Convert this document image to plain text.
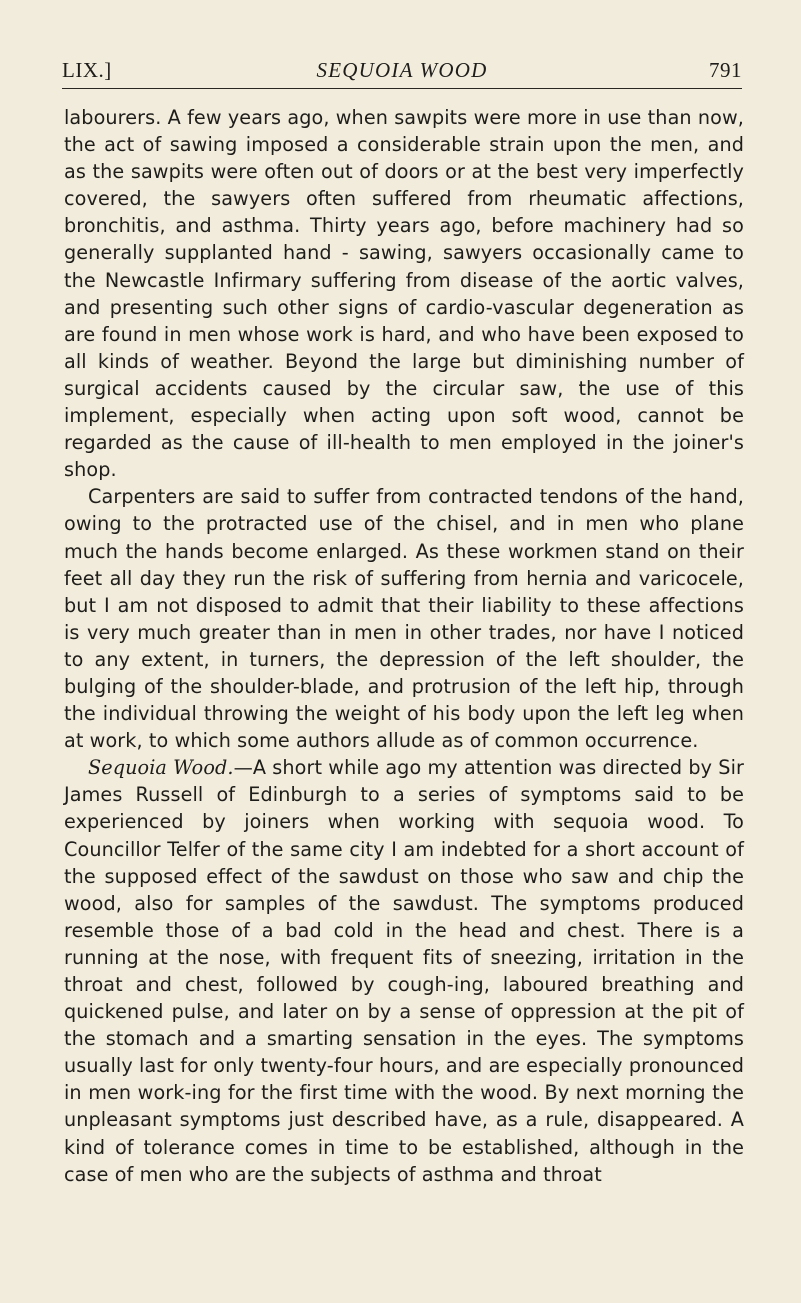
LIX.]	SEQUOIA WOOD	791

labourers. A few years ago, when sawpits were more in use than now, the act of sawing imposed a considerable strain upon the men, and as the sawpits were often out of doors or at the best very imperfectly covered, the sawyers often suffered from rheumatic affections, bronchitis, and asthma. Thirty years ago, before machinery had so generally supplanted hand - sawing, sawyers occasionally came to the Newcastle Infirmary suffering from disease of the aortic valves, and presenting such other signs of cardio-vascular degeneration as are found in men whose work is hard, and who have been exposed to all kinds of weather. Beyond the large but diminishing number of surgical accidents caused by the circular saw, the use of this implement, especially when acting upon soft wood, cannot be regarded as the cause of ill-health to men employed in the joiner's shop.

Carpenters are said to suffer from contracted tendons of the hand, owing to the protracted use of the chisel, and in men who plane much the hands become enlarged. As these workmen stand on their feet all day they run the risk of suffering from hernia and varicocele, but I am not disposed to admit that their liability to these affections is very much greater than in men in other trades, nor have I noticed to any extent, in turners, the depression of the left shoulder, the bulging of the shoulder-blade, and protrusion of the left hip, through the individual throwing the weight of his body upon the left leg when at work, to which some authors allude as of common occurrence.

Sequoia Wood.—A short while ago my attention was directed by Sir James Russell of Edinburgh to a series of symptoms said to be experienced by joiners when working with sequoia wood. To Councillor Telfer of the same city I am indebted for a short account of the supposed effect of the sawdust on those who saw and chip the wood, also for samples of the sawdust. The symptoms produced resemble those of a bad cold in the head and chest. There is a running at the nose, with frequent fits of sneezing, irritation in the throat and chest, followed by cough-ing, laboured breathing and quickened pulse, and later on by a sense of oppression at the pit of the stomach and a smarting sensation in the eyes. The symptoms usually last for only twenty-four hours, and are especially pronounced in men work-ing for the first time with the wood. By next morning the unpleasant symptoms just described have, as a rule, disappeared. A kind of tolerance comes in time to be established, although in the case of men who are the subjects of asthma and throat
